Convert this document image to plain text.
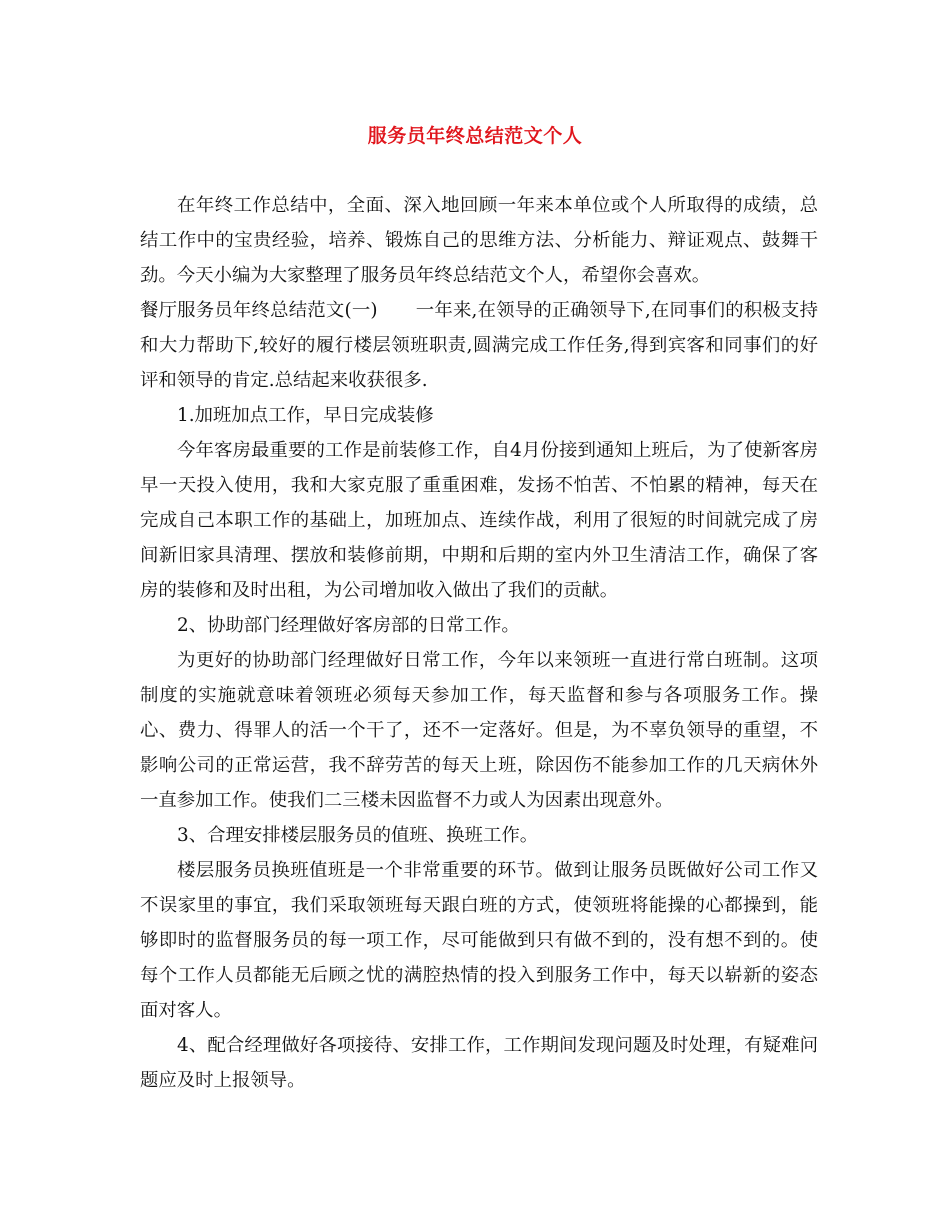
服务员年终总结范文个人

在年终工作总结中，全面、深入地回顾一年来本单位或个人所取得的成绩，总结工作中的宝贵经验，培养、锻炼自己的思维方法、分析能力、辩证观点、鼓舞干劲。今天小编为大家整理了服务员年终总结范文个人，希望你会喜欢。

餐厅服务员年终总结范文(一) 一年来,在领导的正确领导下,在同事们的积极支持和大力帮助下,较好的履行楼层领班职责,圆满完成工作任务,得到宾客和同事们的好评和领导的肯定.总结起来收获很多.

1.加班加点工作，早日完成装修

今年客房最重要的工作是前装修工作，自4月份接到通知上班后，为了使新客房早一天投入使用，我和大家克服了重重困难，发扬不怕苦、不怕累的精神，每天在完成自己本职工作的基础上，加班加点、连续作战，利用了很短的时间就完成了房间新旧家具清理、摆放和装修前期，中期和后期的室内外卫生清洁工作，确保了客房的装修和及时出租，为公司增加收入做出了我们的贡献。

2、协助部门经理做好客房部的日常工作。

为更好的协助部门经理做好日常工作，今年以来领班一直进行常白班制。这项制度的实施就意味着领班必须每天参加工作，每天监督和参与各项服务工作。操心、费力、得罪人的活一个干了，还不一定落好。但是，为不辜负领导的重望，不影响公司的正常运营，我不辞劳苦的每天上班，除因伤不能参加工作的几天病休外一直参加工作。使我们二三楼未因监督不力或人为因素出现意外。

3、合理安排楼层服务员的值班、换班工作。

楼层服务员换班值班是一个非常重要的环节。做到让服务员既做好公司工作又不误家里的事宜，我们采取领班每天跟白班的方式，使领班将能操的心都操到，能够即时的监督服务员的每一项工作，尽可能做到只有做不到的，没有想不到的。使每个工作人员都能无后顾之忧的满腔热情的投入到服务工作中，每天以崭新的姿态面对客人。

4、配合经理做好各项接待、安排工作，工作期间发现问题及时处理，有疑难问题应及时上报领导。
